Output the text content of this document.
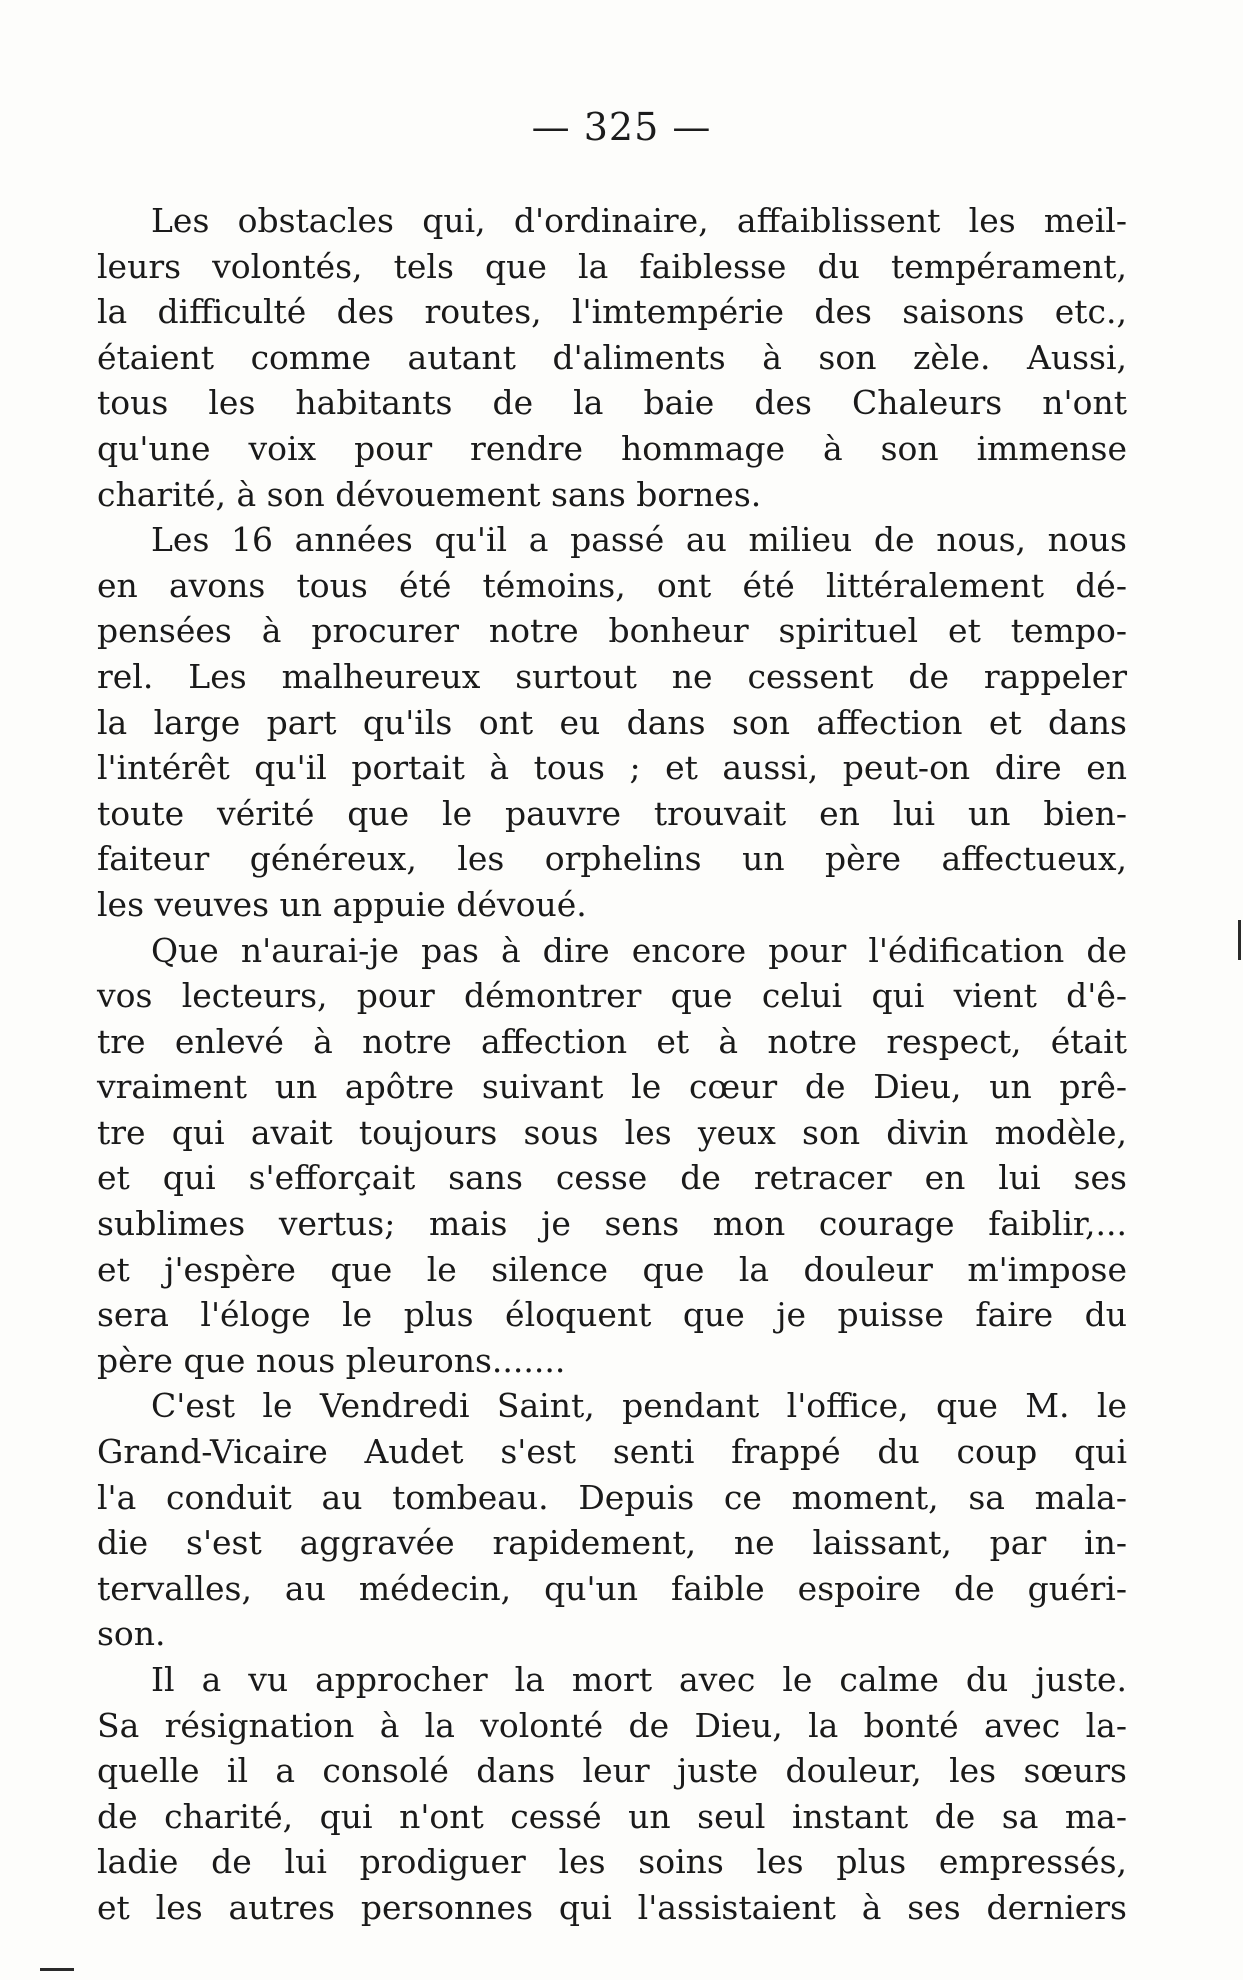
— 325 —
Les obstacles qui, d'ordinaire, affaiblissent les meil-
leurs volontés, tels que la faiblesse du tempérament,
la difficulté des routes, l'imtempérie des saisons etc.,
étaient comme autant d'aliments à son zèle. Aussi,
tous les habitants de la baie des Chaleurs n'ont
qu'une voix pour rendre hommage à son immense
charité, à son dévouement sans bornes.
Les 16 années qu'il a passé au milieu de nous, nous
en avons tous été témoins, ont été littéralement dé-
pensées à procurer notre bonheur spirituel et tempo-
rel. Les malheureux surtout ne cessent de rappeler
la large part qu'ils ont eu dans son affection et dans
l'intérêt qu'il portait à tous ; et aussi, peut-on dire en
toute vérité que le pauvre trouvait en lui un bien-
faiteur généreux, les orphelins un père affectueux,
les veuves un appuie dévoué.
Que n'aurai-je pas à dire encore pour l'édification de
vos lecteurs, pour démontrer que celui qui vient d'ê-
tre enlevé à notre affection et à notre respect, était
vraiment un apôtre suivant le cœur de Dieu, un prê-
tre qui avait toujours sous les yeux son divin modèle,
et qui s'efforçait sans cesse de retracer en lui ses
sublimes vertus; mais je sens mon courage faiblir,...
et j'espère que le silence que la douleur m'impose
sera l'éloge le plus éloquent que je puisse faire du
père que nous pleurons.......
C'est le Vendredi Saint, pendant l'office, que M. le
Grand-Vicaire Audet s'est senti frappé du coup qui
l'a conduit au tombeau. Depuis ce moment, sa mala-
die s'est aggravée rapidement, ne laissant, par in-
tervalles, au médecin, qu'un faible espoire de guéri-
son.
Il a vu approcher la mort avec le calme du juste.
Sa résignation à la volonté de Dieu, la bonté avec la-
quelle il a consolé dans leur juste douleur, les sœurs
de charité, qui n'ont cessé un seul instant de sa ma-
ladie de lui prodiguer les soins les plus empressés,
et les autres personnes qui l'assistaient à ses derniers
